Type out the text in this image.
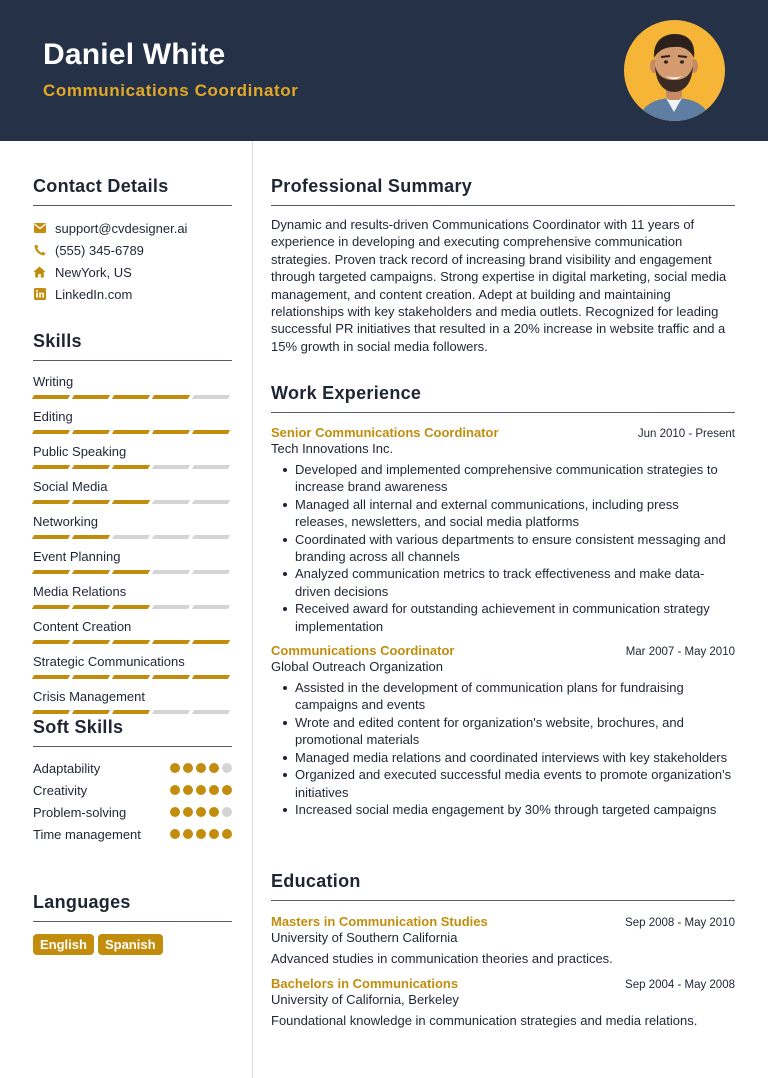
Daniel White
Communications Coordinator
Contact Details
support@cvdesigner.ai
(555) 345-6789
NewYork, US
LinkedIn.com
Skills
Writing
Editing
Public Speaking
Social Media
Networking
Event Planning
Media Relations
Content Creation
Strategic Communications
Crisis Management
Soft Skills
Adaptability
Creativity
Problem-solving
Time management
Languages
English Spanish
Professional Summary

Dynamic and results-driven Communications Coordinator with 11 years of experience in developing and executing comprehensive communication strategies. Proven track record of increasing brand visibility and engagement through targeted campaigns. Strong expertise in digital marketing, social media management, and content creation. Adept at building and maintaining relationships with key stakeholders and media outlets. Recognized for leading successful PR initiatives that resulted in a 20% increase in website traffic and a 15% growth in social media followers.

Work Experience
Senior Communications Coordinator	Jun 2010 - Present
Tech Innovations Inc.
Developed and implemented comprehensive communication strategies to increase brand awareness
Managed all internal and external communications, including press releases, newsletters, and social media platforms
Coordinated with various departments to ensure consistent messaging and branding across all channels
Analyzed communication metrics to track effectiveness and make data-driven decisions
Received award for outstanding achievement in communication strategy implementation
Communications Coordinator	Mar 2007 - May 2010
Global Outreach Organization
Assisted in the development of communication plans for fundraising campaigns and events
Wrote and edited content for organization's website, brochures, and promotional materials
Managed media relations and coordinated interviews with key stakeholders
Organized and executed successful media events to promote organization's initiatives
Increased social media engagement by 30% through targeted campaigns
Education
Masters in Communication Studies	Sep 2008 - May 2010
University of Southern California
Advanced studies in communication theories and practices.
Bachelors in Communications	Sep 2004 - May 2008
University of California, Berkeley
Foundational knowledge in communication strategies and media relations.
